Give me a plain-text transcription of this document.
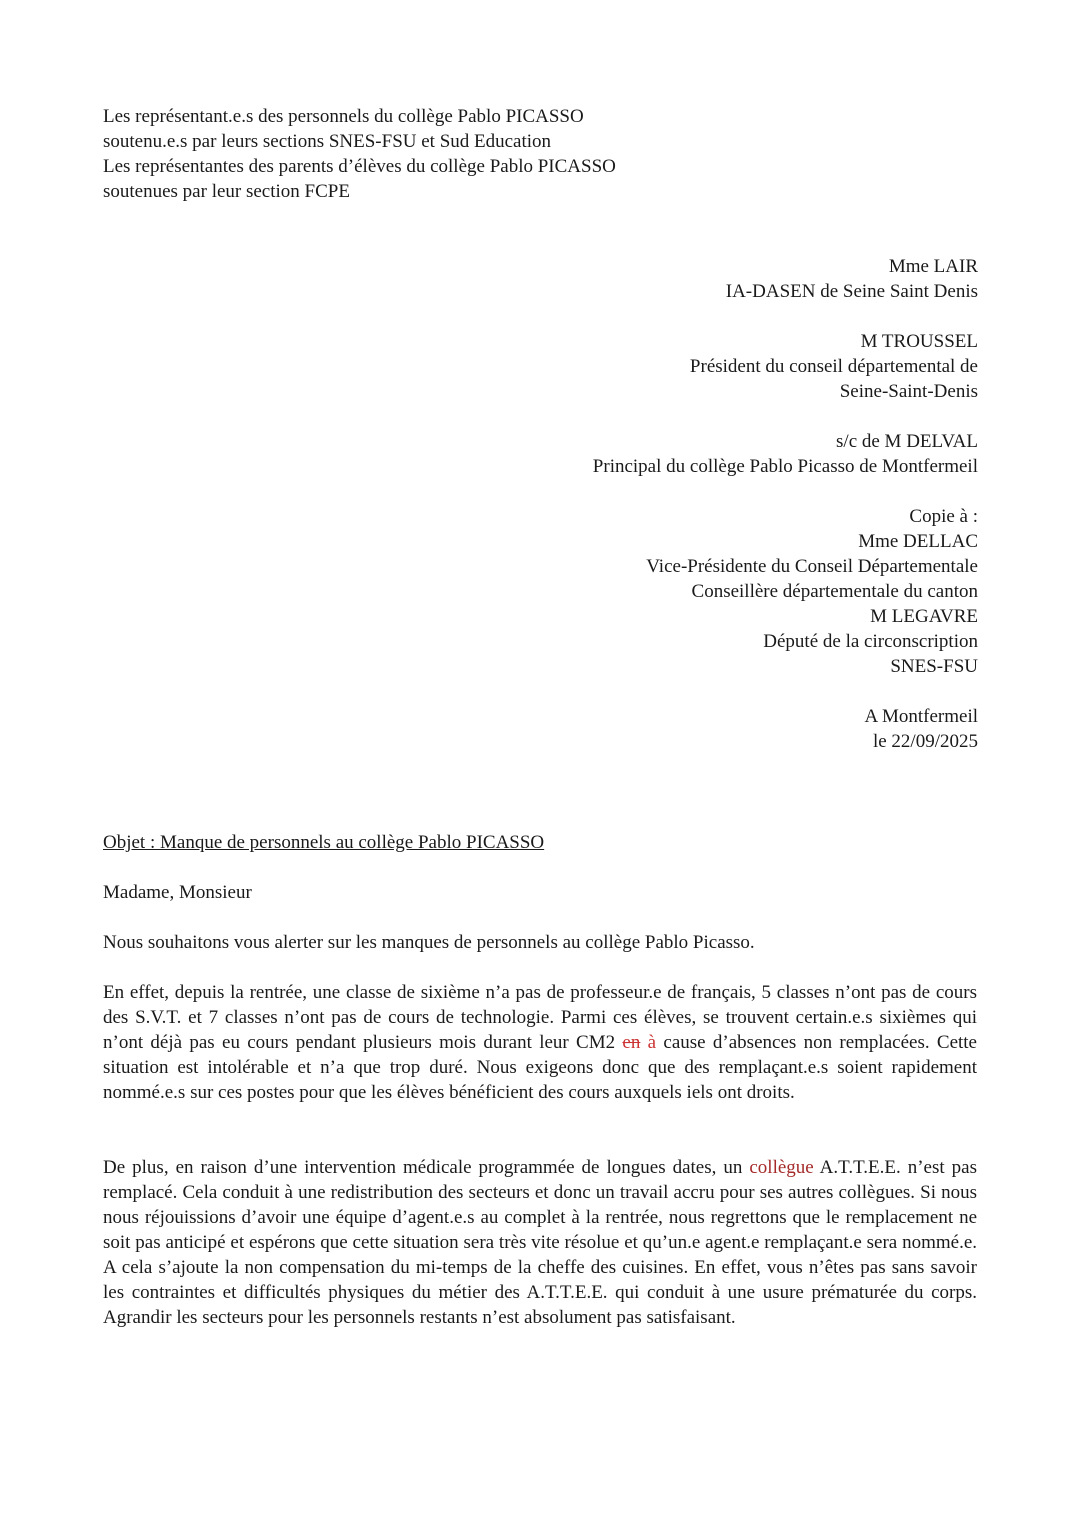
Les représentant.e.s des personnels du collège Pablo PICASSO
soutenu.e.s par leurs sections SNES-FSU et Sud Education
Les représentantes des parents d’élèves du collège Pablo PICASSO
soutenues par leur section FCPE
Mme LAIR
IA-DASEN de Seine Saint Denis
M TROUSSEL
Président du conseil départemental de
Seine-Saint-Denis
s/c de M DELVAL
Principal du collège Pablo Picasso de Montfermeil
Copie à :
Mme DELLAC
Vice-Présidente du Conseil Départementale
Conseillère départementale du canton
M LEGAVRE
Député de la circonscription
SNES-FSU
A Montfermeil
le 22/09/2025
Objet : Manque de personnels au collège Pablo PICASSO
Madame, Monsieur
Nous souhaitons vous alerter sur les manques de personnels au collège Pablo Picasso.
En effet, depuis la rentrée, une classe de sixième n’a pas de professeur.e de français, 5 classes n’ont pas de cours des S.V.T. et 7 classes n’ont pas de cours de technologie. Parmi ces élèves, se trouvent certain.e.s sixièmes qui n’ont déjà pas eu cours pendant plusieurs mois durant leur CM2 en à cause d’absences non remplacées. Cette situation est intolérable et n’a que trop duré. Nous exigeons donc que des remplaçant.e.s soient rapidement nommé.e.s sur ces postes pour que les élèves bénéficient des cours auxquels iels ont droits.
De plus, en raison d’une intervention médicale programmée de longues dates, un collègue A.T.T.E.E. n’est pas remplacé. Cela conduit à une redistribution des secteurs et donc un travail accru pour ses autres collègues. Si nous nous réjouissions d’avoir une équipe d’agent.e.s au complet à la rentrée, nous regrettons que le remplacement ne soit pas anticipé et espérons que cette situation sera très vite résolue et qu’un.e agent.e remplaçant.e sera nommé.e. A cela s’ajoute la non compensation du mi-temps de la cheffe des cuisines. En effet, vous n’êtes pas sans savoir les contraintes et difficultés physiques du métier des A.T.T.E.E. qui conduit à une usure prématurée du corps. Agrandir les secteurs pour les personnels restants n’est absolument pas satisfaisant.
